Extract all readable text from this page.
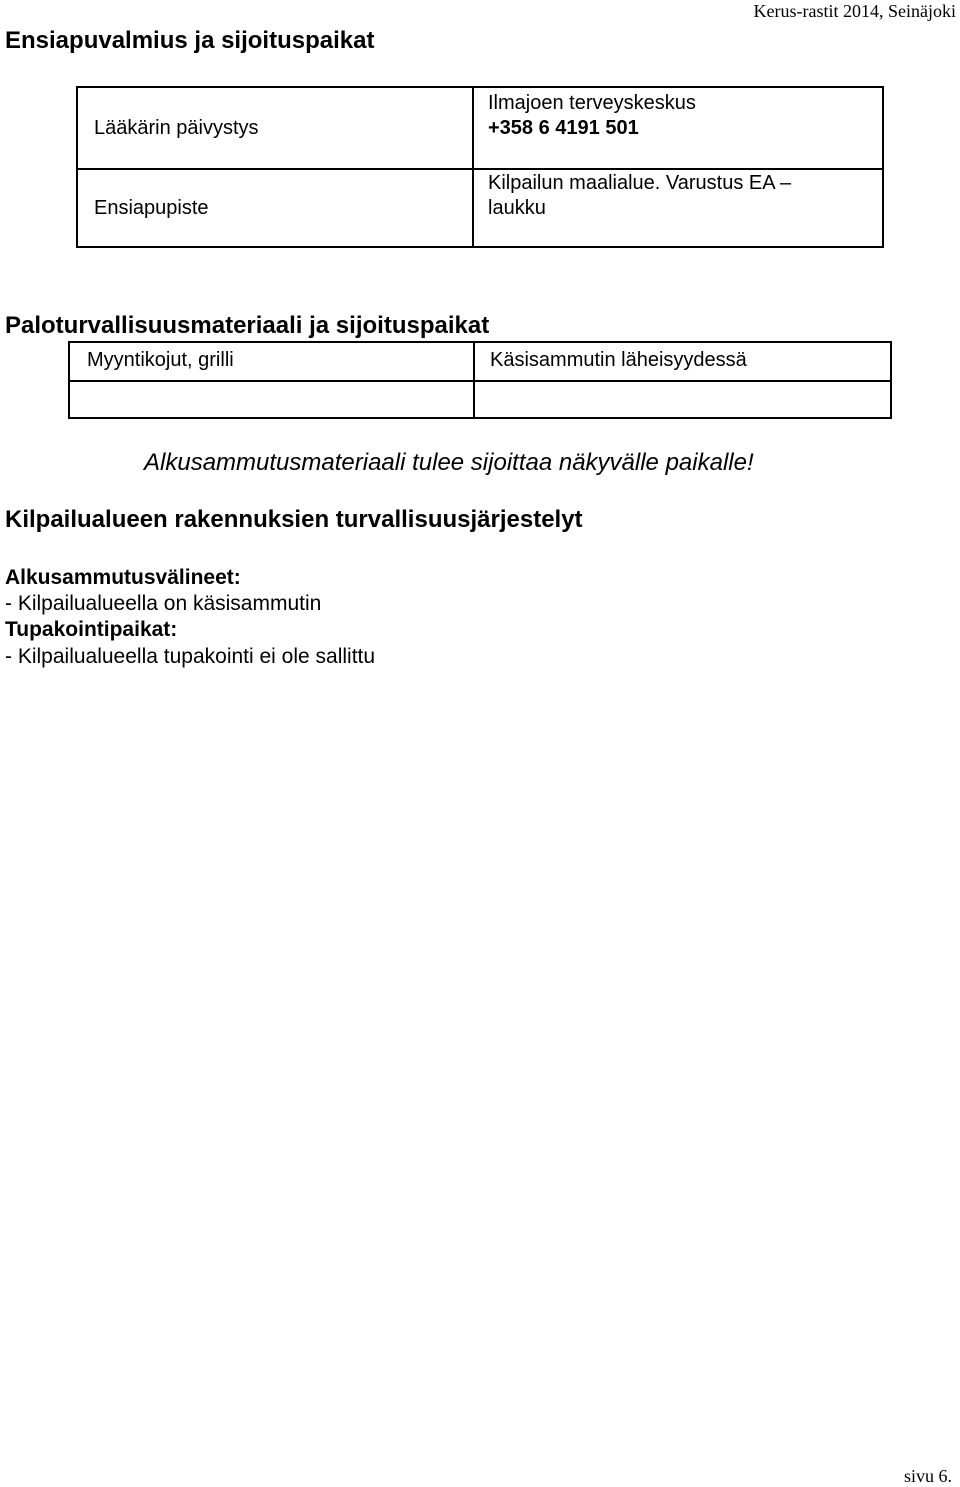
Kerus-rastit 2014, Seinäjoki
Ensiapuvalmius ja sijoituspaikat
Lääkärin päivystys
Ilmajoen terveyskeskus
+358 6 4191 501
Ensiapupiste
Kilpailun maalialue. Varustus EA –
laukku
Paloturvallisuusmateriaali ja sijoituspaikat
Myyntikojut, grilli	Käsisammutin läheisyydessä
Alkusammutusmateriaali tulee sijoittaa näkyvälle paikalle!
Kilpailualueen rakennuksien turvallisuusjärjestelyt
Alkusammutusvälineet:
- Kilpailualueella on käsisammutin
Tupakointipaikat:
- Kilpailualueella tupakointi ei ole sallittu
sivu 6.
